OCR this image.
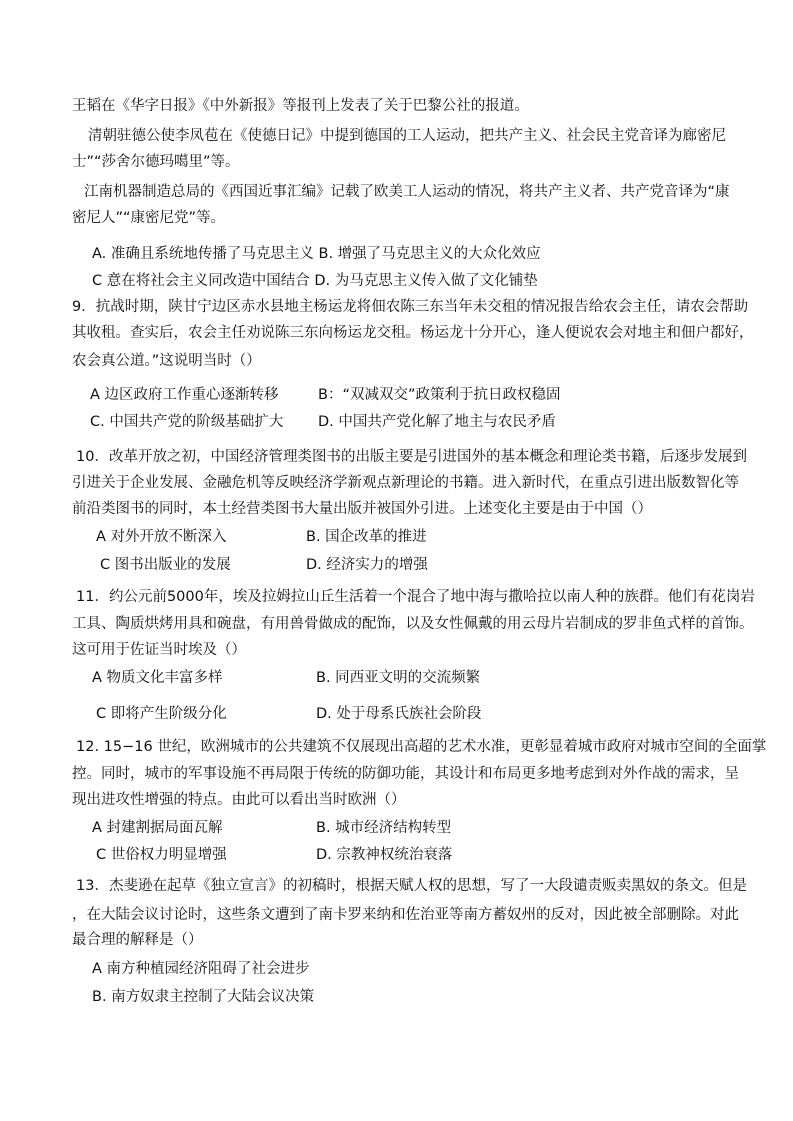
王韬在《华字日报》《中外新报》等报刊上发表了关于巴黎公社的报道。
清朝驻德公使李凤苞在《使德日记》中提到德国的工人运动，把共产主义、社会民主党音译为廊密尼
士”“莎舍尔德玛噶里”等。
江南机器制造总局的《西国近事汇编》记载了欧美工人运动的情况，将共产主义者、共产党音译为“康
密尼人”“康密尼党”等。
A. 准确且系统地传播了马克思主义 B. 增强了马克思主义的大众化效应
C 意在将社会主义同改造中国结合 D. 为马克思主义传入做了文化铺垫
9．抗战时期，陕甘宁边区赤水县地主杨运龙将佃农陈三东当年未交租的情况报告给农会主任，请农会帮助
其收租。查实后，农会主任劝说陈三东向杨运龙交租。杨运龙十分开心，逢人便说农会对地主和佃户都好，
农会真公道。”这说明当时（）
A 边区政府工作重心逐渐转移	B：“双减双交”政策利于抗日政权稳固
C. 中国共产党的阶级基础扩大 D. 中国共产党化解了地主与农民矛盾
10．改革开放之初，中国经济管理类图书的出版主要是引进国外的基本概念和理论类书籍，后逐步发展到
引进关于企业发展、金融危机等反映经济学新观点新理论的书籍。进入新时代，在重点引进出版数智化等
前沿类图书的同时，本土经营类图书大量出版并被国外引进。上述变化主要是由于中国（）
A 对外开放不断深入	B. 国企改革的推进
C 图书出版业的发展	D. 经济实力的增强
11．约公元前5000年，埃及拉姆拉山丘生活着一个混合了地中海与撒哈拉以南人种的族群。他们有花岗岩
工具、陶质烘烤用具和碗盘，有用兽骨做成的配饰，以及女性佩戴的用云母片岩制成的罗非鱼式样的首饰。
这可用于佐证当时埃及（）
A 物质文化丰富多样	B. 同西亚文明的交流频繁
C 即将产生阶级分化	D. 处于母系氏族社会阶段
12. 15−16 世纪，欧洲城市的公共建筑不仅展现出高超的艺术水准，更彰显着城市政府对城市空间的全面掌
控。同时，城市的军事设施不再局限于传统的防御功能，其设计和布局更多地考虑到对外作战的需求，呈
现出进攻性增强的特点。由此可以看出当时欧洲（）
A 封建割据局面瓦解	B. 城市经济结构转型
C 世俗权力明显增强	D. 宗教神权统治衰落
13．杰斐逊在起草《独立宣言》的初稿时，根据天赋人权的思想，写了一大段谴责贩卖黑奴的条文。但是
，在大陆会议讨论时，这些条文遭到了南卡罗来纳和佐治亚等南方蓄奴州的反对，因此被全部删除。对此
最合理的解释是（）
A 南方种植园经济阻碍了社会进步
B. 南方奴隶主控制了大陆会议决策
